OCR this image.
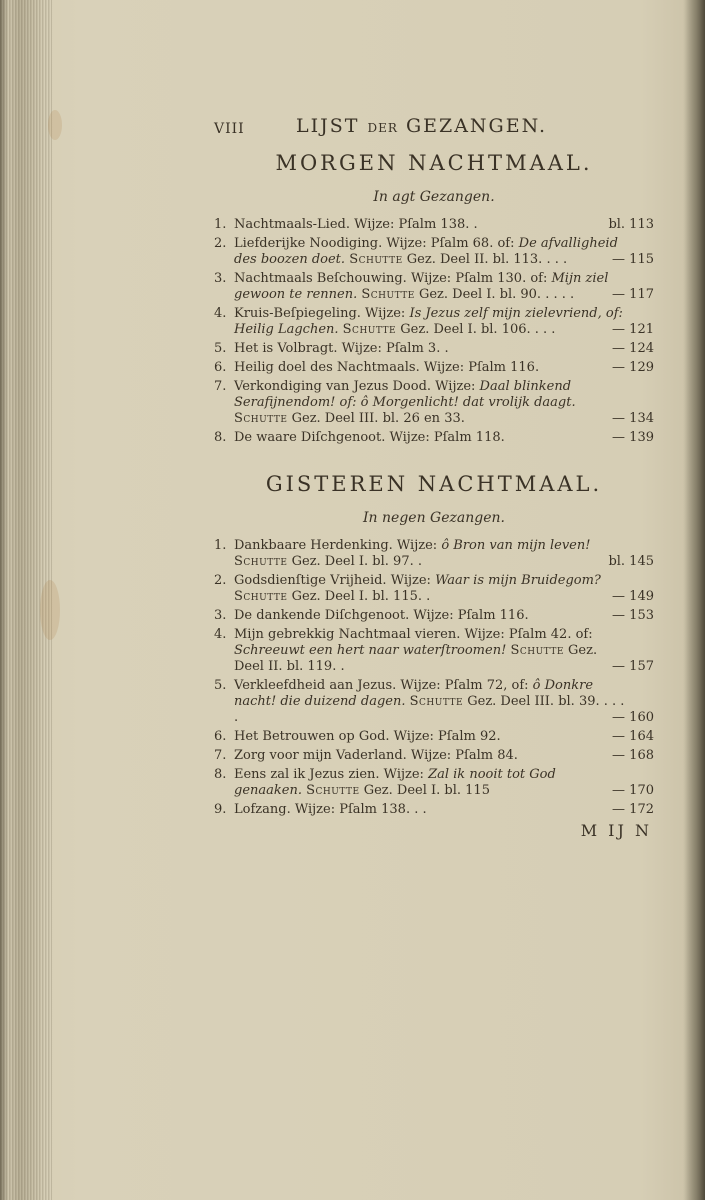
VIII	LIJST DER GEZANGEN.
MORGEN NACHTMAAL.
In agt Gezangen.
1. Nachtmaals-Lied. Wijze: Pſalm 138. .	bl. 113
2. Liefderijke Noodiging. Wijze: Pſalm 68. of: De afvalligheid des boozen doet. Schutte Gez. Deel II. bl. 113. . . .	— 115
3. Nachtmaals Beſchouwing. Wijze: Pſalm 130. of: Mijn ziel gewoon te rennen. Schutte Gez. Deel I. bl. 90. . . . .	— 117
4. Kruis-Beſpiegeling. Wijze: Is Jezus zelf mijn zielevriend, of: Heilig Lagchen. Schutte Gez. Deel I. bl. 106. . . .	— 121
5. Het is Volbragt. Wijze: Pſalm 3. .	— 124
6. Heilig doel des Nachtmaals. Wijze: Pſalm 116.	— 129
7. Verkondiging van Jezus Dood. Wijze: Daal blinkend Serafijnendom! of: ô Morgenlicht! dat vrolijk daagt. Schutte Gez. Deel III. bl. 26 en 33.	— 134
8. De waare Diſchgenoot. Wijze: Pſalm 118.	— 139
GISTEREN NACHTMAAL.
In negen Gezangen.
1. Dankbaare Herdenking. Wijze: ô Bron van mijn leven! Schutte Gez. Deel I. bl. 97. .	bl. 145
2. Godsdienſtige Vrijheid. Wijze: Waar is mijn Bruidegom? Schutte Gez. Deel I. bl. 115. .	— 149
3. De dankende Diſchgenoot. Wijze: Pſalm 116.	— 153
4. Mijn gebrekkig Nachtmaal vieren. Wijze: Pſalm 42. of: Schreeuwt een hert naar waterſtroomen! Schutte Gez. Deel II. bl. 119. .	— 157
5. Verkleefdheid aan Jezus. Wijze: Pſalm 72, of: ô Donkre nacht! die duizend dagen. Schutte Gez. Deel III. bl. 39. . . . .	— 160
6. Het Betrouwen op God. Wijze: Pſalm 92.	— 164
7. Zorg voor mijn Vaderland. Wijze: Pſalm 84.	— 168
8. Eens zal ik Jezus zien. Wijze: Zal ik nooit tot God genaaken. Schutte Gez. Deel I. bl. 115	— 170
9. Lofzang. Wijze: Pſalm 138. . .	— 172
M IJ N
